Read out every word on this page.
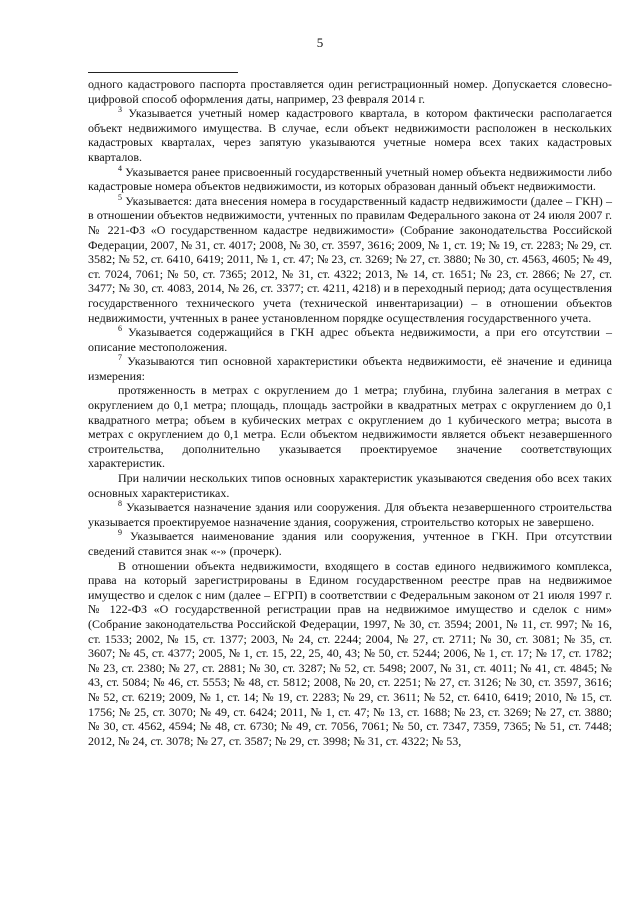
5

одного кадастрового паспорта проставляется один регистрационный номер. Допускается словесно-цифровой способ оформления даты, например, 23 февраля 2014 г.

$^3$ Указывается учетный номер кадастрового квартала, в котором фактически располагается объект недвижимого имущества. В случае, если объект недвижимости расположен в нескольких кадастровых кварталах, через запятую указываются учетные номера всех таких кадастровых кварталов.

$^4$ Указывается ранее присвоенный государственный учетный номер объекта недвижимости либо кадастровые номера объектов недвижимости, из которых образован данный объект недвижимости.

$^5$ Указывается: дата внесения номера в государственный кадастр недвижимости (далее – ГКН) – в отношении объектов недвижимости, учтенных по правилам Федерального закона от 24 июля 2007 г. № 221-ФЗ «О государственном кадастре недвижимости» (Собрание законодательства Российской Федерации, 2007, № 31, ст. 4017; 2008, № 30, ст. 3597, 3616; 2009, № 1, ст. 19; № 19, ст. 2283; № 29, ст. 3582; № 52, ст. 6410, 6419; 2011, № 1, ст. 47; № 23, ст. 3269; № 27, ст. 3880; № 30, ст. 4563, 4605; № 49, ст. 7024, 7061; № 50, ст. 7365; 2012, № 31, ст. 4322; 2013, № 14, ст. 1651; № 23, ст. 2866; № 27, ст. 3477; № 30, ст. 4083, 2014, № 26, ст. 3377; ст. 4211, 4218) и в переходный период; дата осуществления государственного технического учета (технической инвентаризации) – в отношении объектов недвижимости, учтенных в ранее установленном порядке осуществления государственного учета.

$^6$ Указывается содержащийся в ГКН адрес объекта недвижимости, а при его отсутствии – описание местоположения.

$^7$ Указываются тип основной характеристики объекта недвижимости, её значение и единица измерения:

протяженность в метрах с округлением до 1 метра; глубина, глубина залегания в метрах с округлением до 0,1 метра; площадь, площадь застройки в квадратных метрах с округлением до 0,1 квадратного метра; объем в кубических метрах с округлением до 1 кубического метра; высота в метрах с округлением до 0,1 метра. Если объектом недвижимости является объект незавершенного строительства, дополнительно указывается проектируемое значение соответствующих характеристик.

При наличии нескольких типов основных характеристик указываются сведения обо всех таких основных характеристиках.

$^8$ Указывается назначение здания или сооружения. Для объекта незавершенного строительства указывается проектируемое назначение здания, сооружения, строительство которых не завершено.

$^9$ Указывается наименование здания или сооружения, учтенное в ГКН. При отсутствии сведений ставится знак «-» (прочерк).

В отношении объекта недвижимости, входящего в состав единого недвижимого комплекса, права на который зарегистрированы в Едином государственном реестре прав на недвижимое имущество и сделок с ним (далее – ЕГРП) в соответствии с Федеральным законом от 21 июля 1997 г. № 122-ФЗ «О государственной регистрации прав на недвижимое имущество и сделок с ним» (Собрание законодательства Российской Федерации, 1997, № 30, ст. 3594; 2001, № 11, ст. 997; № 16, ст. 1533; 2002, № 15, ст. 1377; 2003, № 24, ст. 2244; 2004, № 27, ст. 2711; № 30, ст. 3081; № 35, ст. 3607; № 45, ст. 4377; 2005, № 1, ст. 15, 22, 25, 40, 43; № 50, ст. 5244; 2006, № 1, ст. 17; № 17, ст. 1782; № 23, ст. 2380; № 27, ст. 2881; № 30, ст. 3287; № 52, ст. 5498; 2007, № 31, ст. 4011; № 41, ст. 4845; № 43, ст. 5084; № 46, ст. 5553; № 48, ст. 5812; 2008, № 20, ст. 2251; № 27, ст. 3126; № 30, ст. 3597, 3616; № 52, ст. 6219; 2009, № 1, ст. 14; № 19, ст. 2283; № 29, ст. 3611; № 52, ст. 6410, 6419; 2010, № 15, ст. 1756; № 25, ст. 3070; № 49, ст. 6424; 2011, № 1, ст. 47; № 13, ст. 1688; № 23, ст. 3269; № 27, ст. 3880; № 30, ст. 4562, 4594; № 48, ст. 6730; № 49, ст. 7056, 7061; № 50, ст. 7347, 7359, 7365; № 51, ст. 7448; 2012, № 24, ст. 3078; № 27, ст. 3587; № 29, ст. 3998; № 31, ст. 4322; № 53,
